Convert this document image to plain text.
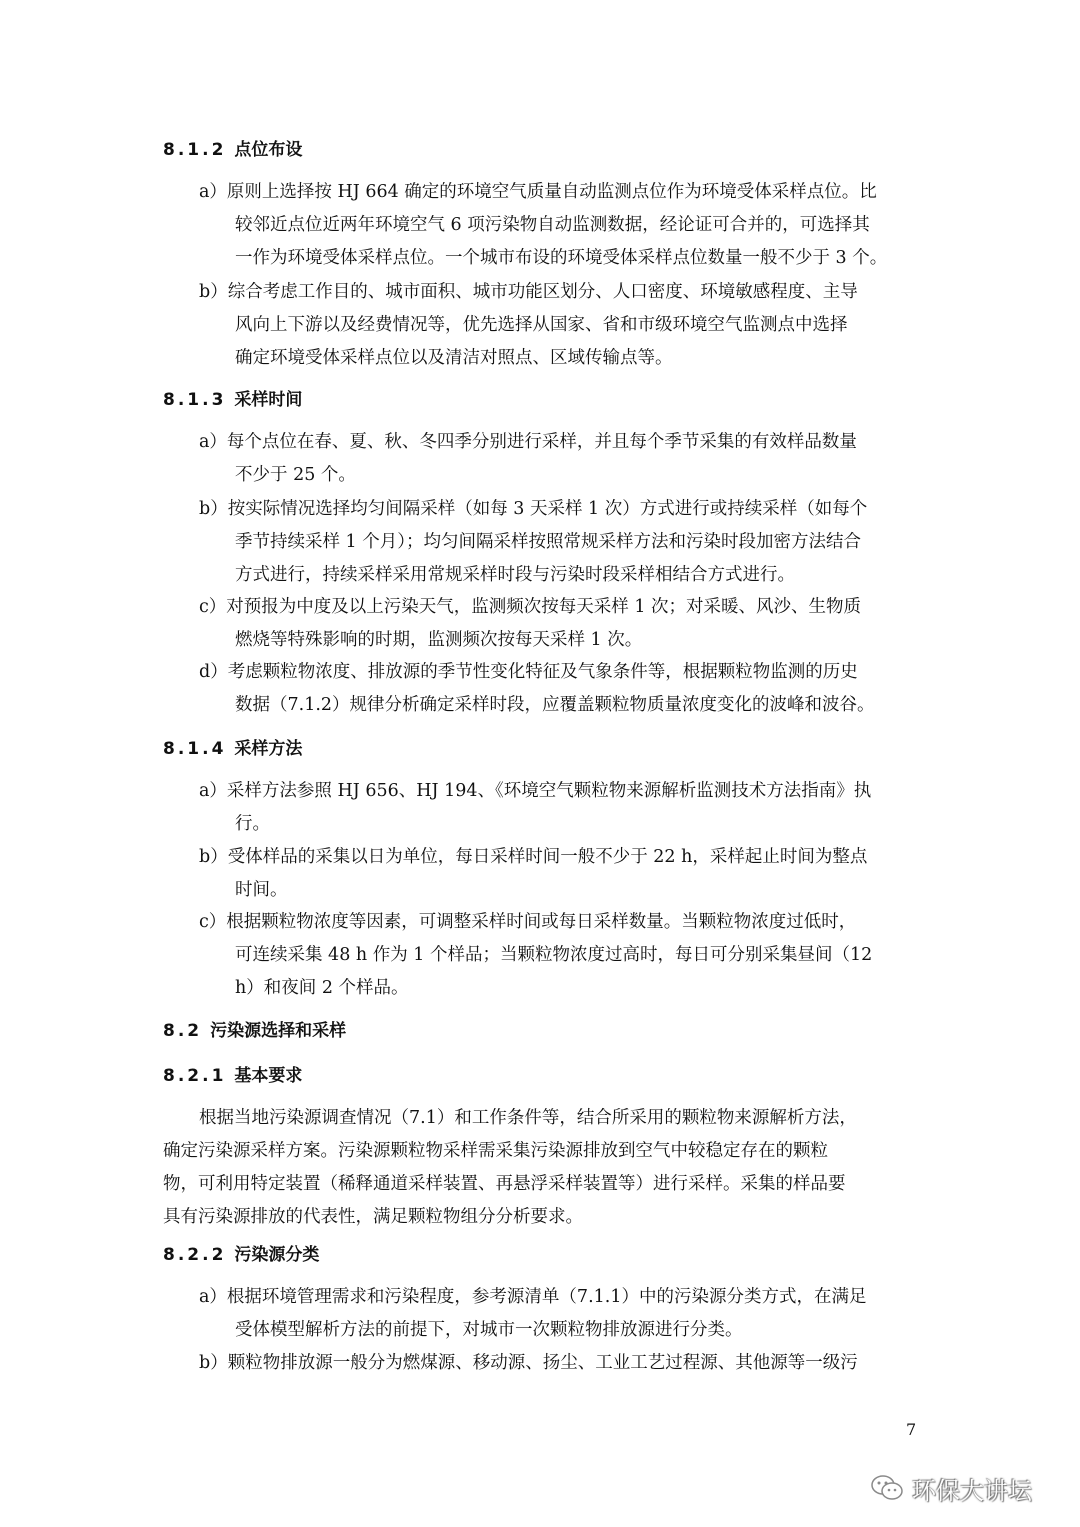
8.1.2 点位布设
a）原则上选择按 HJ 664 确定的环境空气质量自动监测点位作为环境受体采样点位。比
较邻近点位近两年环境空气 6 项污染物自动监测数据，经论证可合并的，可选择其
一作为环境受体采样点位。一个城市布设的环境受体采样点位数量一般不少于 3 个。
b）综合考虑工作目的、城市面积、城市功能区划分、人口密度、环境敏感程度、主导
风向上下游以及经费情况等，优先选择从国家、省和市级环境空气监测点中选择
确定环境受体采样点位以及清洁对照点、区域传输点等。
8.1.3 采样时间
a）每个点位在春、夏、秋、冬四季分别进行采样，并且每个季节采集的有效样品数量
不少于 25 个。
b）按实际情况选择均匀间隔采样（如每 3 天采样 1 次）方式进行或持续采样（如每个
季节持续采样 1 个月）；均匀间隔采样按照常规采样方法和污染时段加密方法结合
方式进行，持续采样采用常规采样时段与污染时段采样相结合方式进行。
c）对预报为中度及以上污染天气，监测频次按每天采样 1 次；对采暖、风沙、生物质
燃烧等特殊影响的时期，监测频次按每天采样 1 次。
d）考虑颗粒物浓度、排放源的季节性变化特征及气象条件等，根据颗粒物监测的历史
数据（7.1.2）规律分析确定采样时段，应覆盖颗粒物质量浓度变化的波峰和波谷。
8.1.4 采样方法
a）采样方法参照 HJ 656、HJ 194、《环境空气颗粒物来源解析监测技术方法指南》执
行。
b）受体样品的采集以日为单位，每日采样时间一般不少于 22 h，采样起止时间为整点
时间。
c）根据颗粒物浓度等因素，可调整采样时间或每日采样数量。当颗粒物浓度过低时，
可连续采集 48 h 作为 1 个样品；当颗粒物浓度过高时，每日可分别采集昼间（12
h）和夜间 2 个样品。
8.2 污染源选择和采样
8.2.1 基本要求
根据当地污染源调查情况（7.1）和工作条件等，结合所采用的颗粒物来源解析方法，
确定污染源采样方案。污染源颗粒物采样需采集污染源排放到空气中较稳定存在的颗粒
物，可利用特定装置（稀释通道采样装置、再悬浮采样装置等）进行采样。采集的样品要
具有污染源排放的代表性，满足颗粒物组分分析要求。
8.2.2 污染源分类
a）根据环境管理需求和污染程度，参考源清单（7.1.1）中的污染源分类方式，在满足
受体模型解析方法的前提下，对城市一次颗粒物排放源进行分类。
b）颗粒物排放源一般分为燃煤源、移动源、扬尘、工业工艺过程源、其他源等一级污
7
环保大讲坛
